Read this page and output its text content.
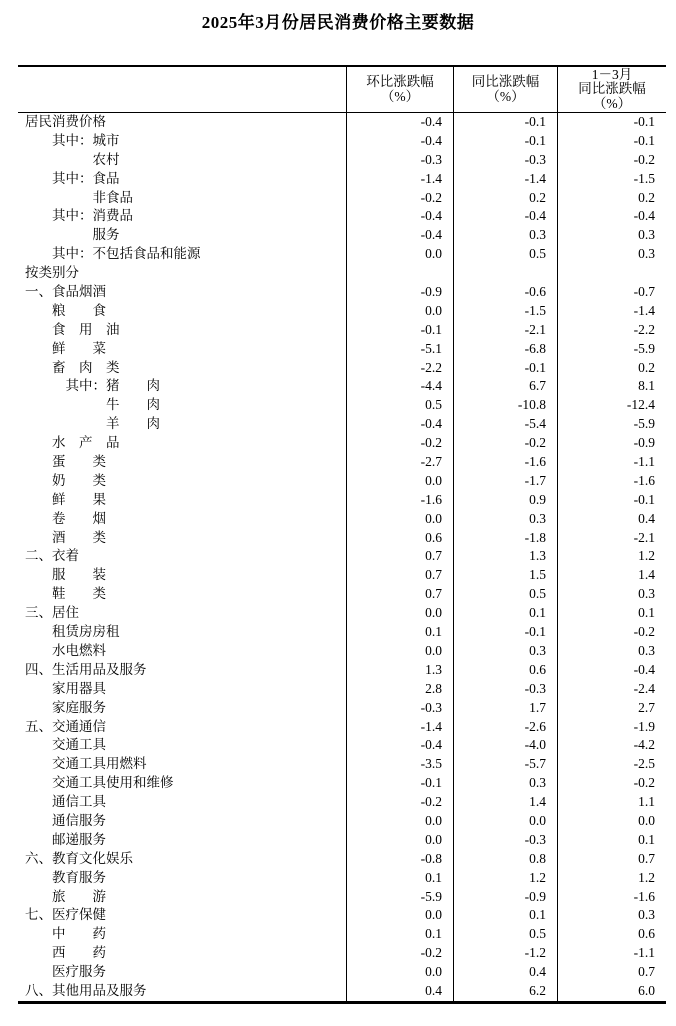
2025年3月份居民消费价格主要数据
环比涨跌幅
（%）
同比涨跌幅
（%）
1－3月
同比涨跌幅
（%）
居民消费价格	-0.4	-0.1	-0.1
　　其中：城市	-0.4	-0.1	-0.1
　　　　　农村	-0.3	-0.3	-0.2
　　其中：食品	-1.4	-1.4	-1.5
　　　　　非食品	-0.2	0.2	0.2
　　其中：消费品	-0.4	-0.4	-0.4
　　　　　服务	-0.4	0.3	0.3
　　其中：不包括食品和能源	0.0	0.5	0.3
按类别分
一、食品烟酒	-0.9	-0.6	-0.7
　　粮　　食	0.0	-1.5	-1.4
　　食　用　油	-0.1	-2.1	-2.2
　　鲜　　菜	-5.1	-6.8	-5.9
　　畜　肉　类	-2.2	-0.1	0.2
　　　其中：猪　　肉	-4.4	6.7	8.1
　　　　　　牛　　肉	0.5	-10.8	-12.4
　　　　　　羊　　肉	-0.4	-5.4	-5.9
　　水　产　品	-0.2	-0.2	-0.9
　　蛋　　类	-2.7	-1.6	-1.1
　　奶　　类	0.0	-1.7	-1.6
　　鲜　　果	-1.6	0.9	-0.1
　　卷　　烟	0.0	0.3	0.4
　　酒　　类	0.6	-1.8	-2.1
二、衣着	0.7	1.3	1.2
　　服　　装	0.7	1.5	1.4
　　鞋　　类	0.7	0.5	0.3
三、居住	0.0	0.1	0.1
　　租赁房房租	0.1	-0.1	-0.2
　　水电燃料	0.0	0.3	0.3
四、生活用品及服务	1.3	0.6	-0.4
　　家用器具	2.8	-0.3	-2.4
　　家庭服务	-0.3	1.7	2.7
五、交通通信	-1.4	-2.6	-1.9
　　交通工具	-0.4	-4.0	-4.2
　　交通工具用燃料	-3.5	-5.7	-2.5
　　交通工具使用和维修	-0.1	0.3	-0.2
　　通信工具	-0.2	1.4	1.1
　　通信服务	0.0	0.0	0.0
　　邮递服务	0.0	-0.3	0.1
六、教育文化娱乐	-0.8	0.8	0.7
　　教育服务	0.1	1.2	1.2
　　旅　　游	-5.9	-0.9	-1.6
七、医疗保健	0.0	0.1	0.3
　　中　　药	0.1	0.5	0.6
　　西　　药	-0.2	-1.2	-1.1
　　医疗服务	0.0	0.4	0.7
八、其他用品及服务	0.4	6.2	6.0
